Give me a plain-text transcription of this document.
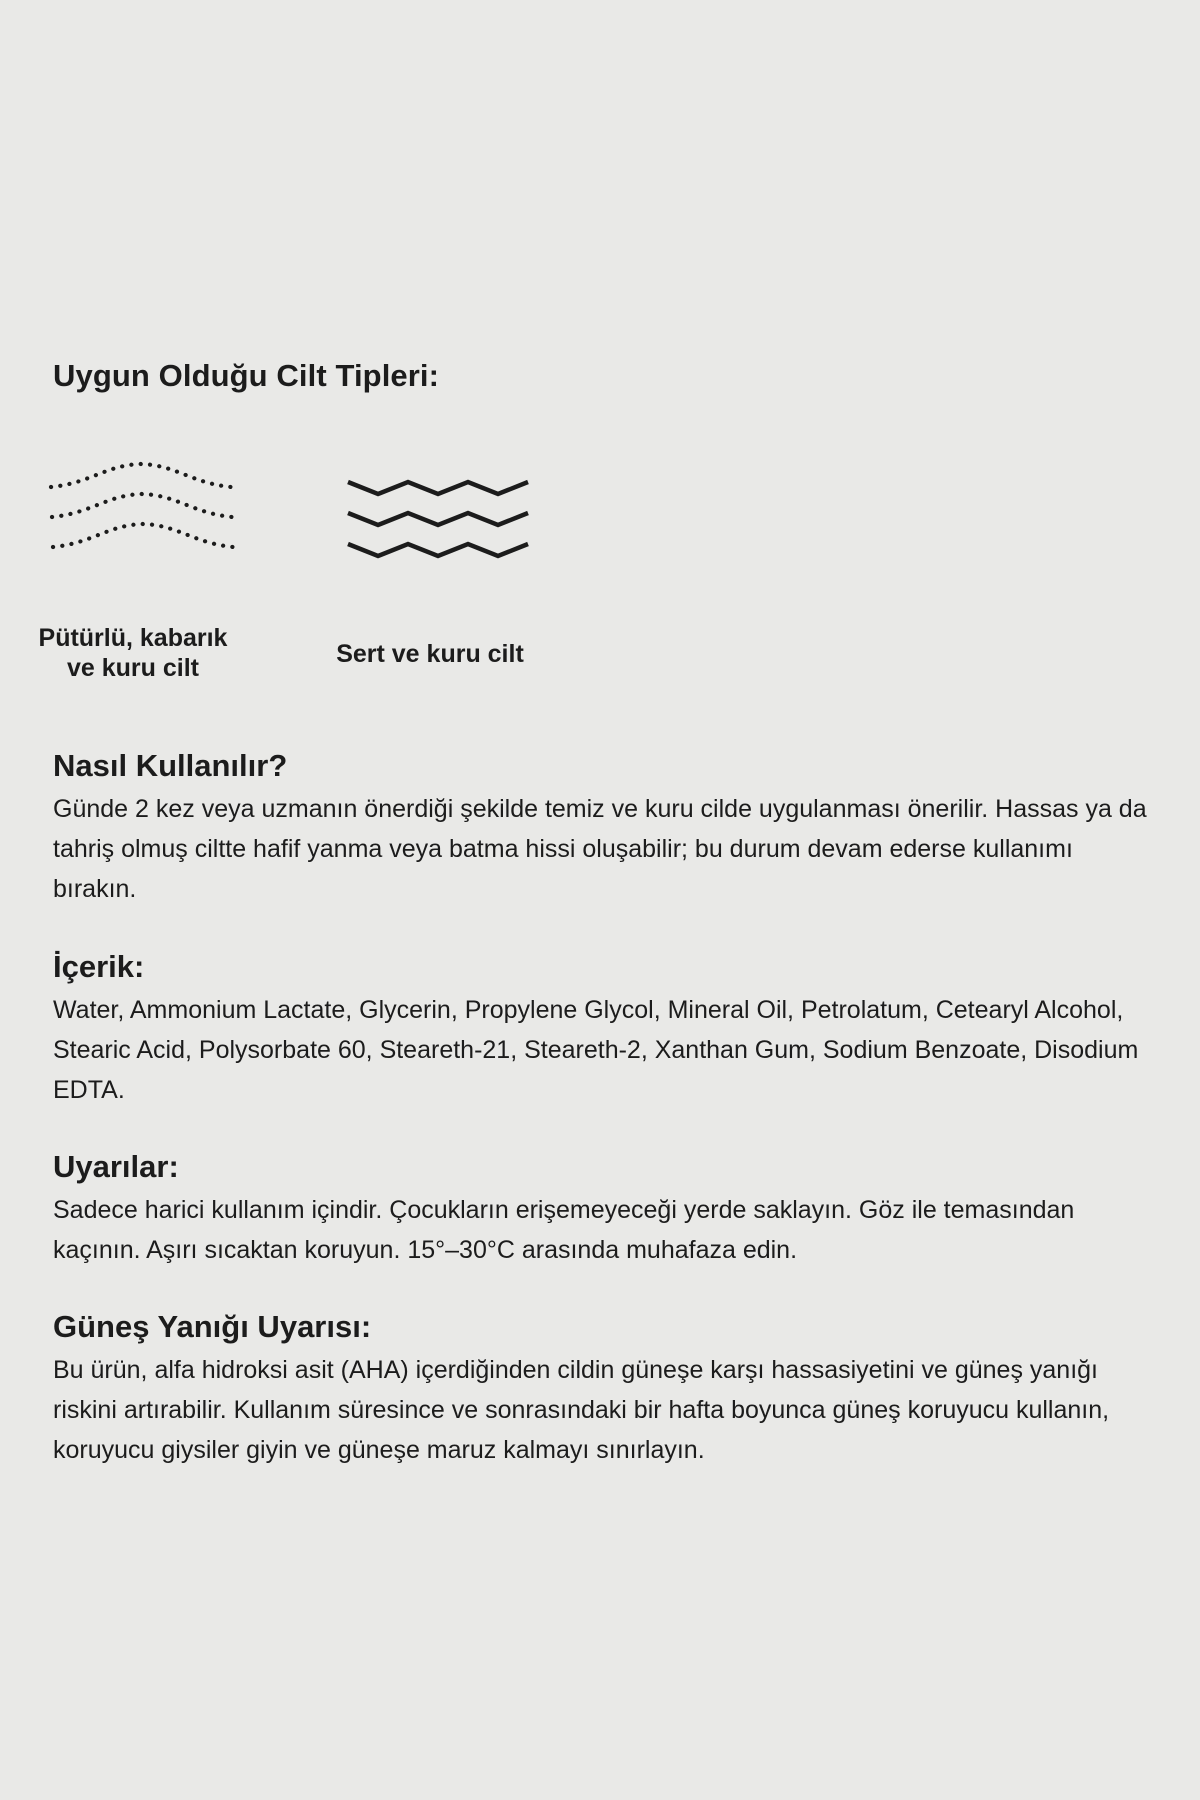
Uygun Olduğu Cilt Tipleri:
Pütürlü, kabarık
ve kuru cilt	Sert ve kuru cilt
Nasıl Kullanılır?

Günde 2 kez veya uzmanın önerdiği şekilde temiz ve kuru cilde uygulanması önerilir. Hassas ya da tahriş olmuş ciltte hafif yanma veya batma hissi oluşabilir; bu durum devam ederse kullanımı bırakın.

İçerik:

Water, Ammonium Lactate, Glycerin, Propylene Glycol, Mineral Oil, Petrolatum, Cetearyl Alcohol, Stearic Acid, Polysorbate 60, Steareth-21, Steareth-2, Xanthan Gum, Sodium Benzoate, Disodium EDTA.

Uyarılar:

Sadece harici kullanım içindir. Çocukların erişemeyeceği yerde saklayın. Göz ile temasından kaçının. Aşırı sıcaktan koruyun. 15°–30°C arasında muhafaza edin.

Güneş Yanığı Uyarısı:

Bu ürün, alfa hidroksi asit (AHA) içerdiğinden cildin güneşe karşı hassasiyetini ve güneş yanığı riskini artırabilir. Kullanım süresince ve sonrasındaki bir hafta boyunca güneş koruyucu kullanın, koruyucu giysiler giyin ve güneşe maruz kalmayı sınırlayın.
